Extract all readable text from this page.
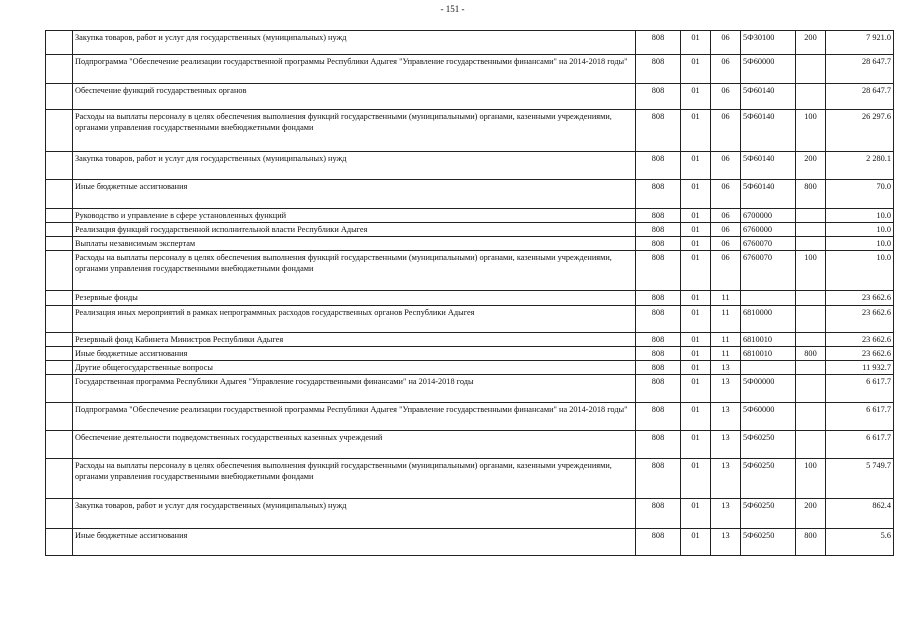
- 151 -
	Закупка товаров, работ и услуг для государственных (муниципальных) нужд	808	01	06	5Ф30100	200	7 921.0
	Подпрограмма "Обеспечение реализации государственной программы Республики Адыгея "Управление государственными финансами" на 2014-2018 годы"	808	01	06	5Ф60000		28 647.7
	Обеспечение функций государственных органов	808	01	06	5Ф60140		28 647.7
	Расходы на выплаты персоналу в целях обеспечения выполнения функций государственными (муниципальными) органами, казенными учреждениями, органами управления государственными внебюджетными фондами	808	01	06	5Ф60140	100	26 297.6
	Закупка товаров, работ и услуг для государственных (муниципальных) нужд	808	01	06	5Ф60140	200	2 280.1
	Иные бюджетные ассигнования	808	01	06	5Ф60140	800	70.0
	Руководство и управление в сфере установленных функций	808	01	06	6700000		10.0
	Реализация функций государственной исполнительной власти Республики Адыгея	808	01	06	6760000		10.0
	Выплаты независимым экспертам	808	01	06	6760070		10.0
	Расходы на выплаты персоналу в целях обеспечения выполнения функций государственными (муниципальными) органами, казенными учреждениями, органами управления государственными внебюджетными фондами	808	01	06	6760070	100	10.0
	Резервные фонды	808	01	11			23 662.6
	Реализация иных мероприятий в рамках непрограммных расходов государственных органов Республики Адыгея	808	01	11	6810000		23 662.6
	Резервный фонд Кабинета Министров Республики Адыгея	808	01	11	6810010		23 662.6
	Иные бюджетные ассигнования	808	01	11	6810010	800	23 662.6
	Другие общегосударственные вопросы	808	01	13			11 932.7
	Государственная программа Республики Адыгея "Управление государственными финансами" на 2014-2018 годы	808	01	13	5Ф00000		6 617.7
	Подпрограмма "Обеспечение реализации государственной программы Республики Адыгея "Управление государственными финансами" на 2014-2018 годы"	808	01	13	5Ф60000		6 617.7
	Обеспечение деятельности подведомственных государственных казенных учреждений	808	01	13	5Ф60250		6 617.7
	Расходы на выплаты персоналу в целях обеспечения выполнения функций государственными (муниципальными) органами, казенными учреждениями, органами управления государственными внебюджетными фондами	808	01	13	5Ф60250	100	5 749.7
	Закупка товаров, работ и услуг для государственных (муниципальных) нужд	808	01	13	5Ф60250	200	862.4
	Иные бюджетные ассигнования	808	01	13	5Ф60250	800	5.6
